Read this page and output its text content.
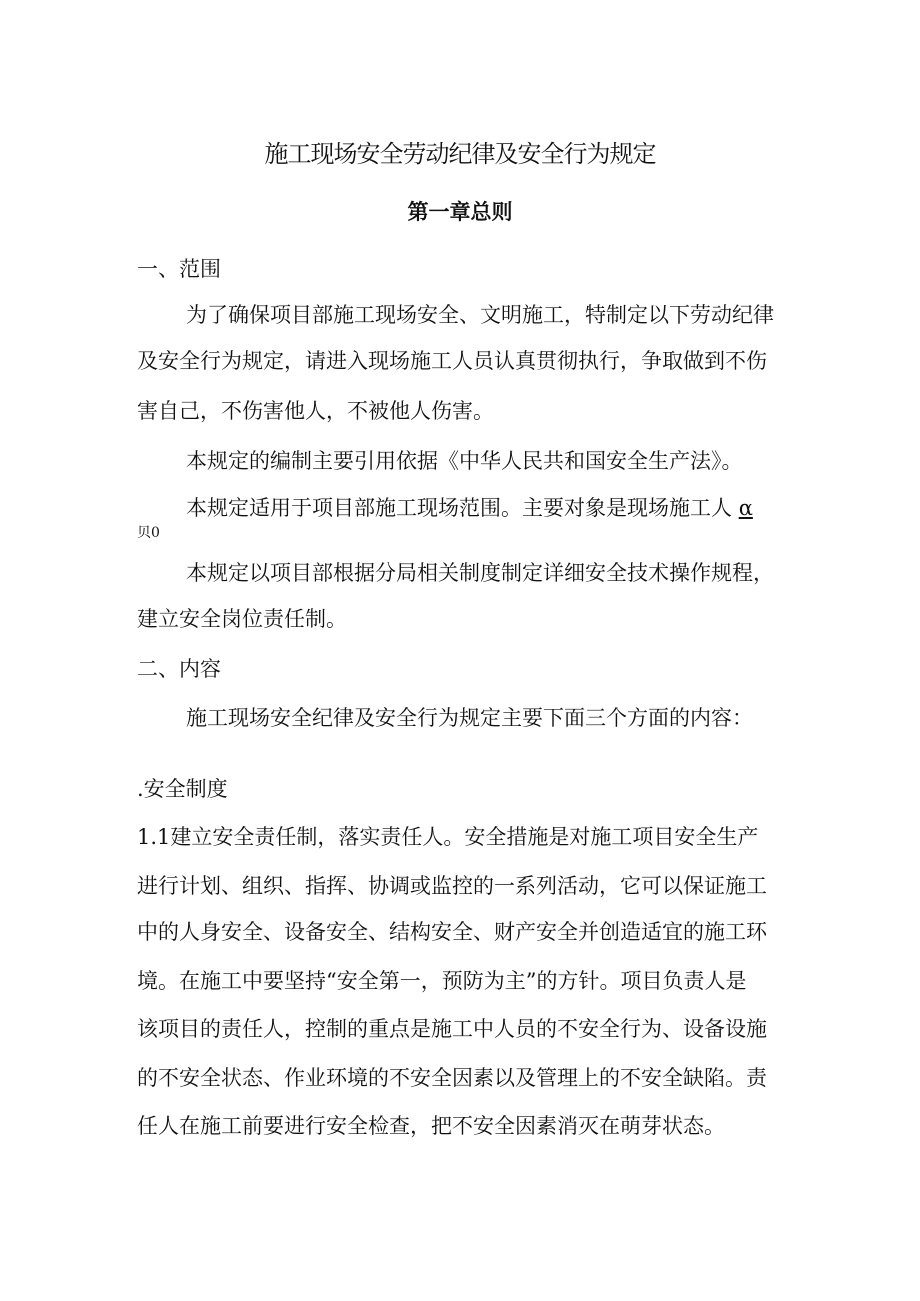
施工现场安全劳动纪律及安全行为规定
第一章总则

一、范围

为了确保项目部施工现场安全、文明施工，特制定以下劳动纪律

及安全行为规定，请进入现场施工人员认真贯彻执行，争取做到不伤

害自己，不伤害他人，不被他人伤害。

本规定的编制主要引用依据《中华人民共和国安全生产法》。

本规定适用于项目部施工现场范围。主要对象是现场施工人 α

贝0

本规定以项目部根据分局相关制度制定详细安全技术操作规程，

建立安全岗位责任制。

二、内容

施工现场安全纪律及安全行为规定主要下面三个方面的内容：

.安全制度

1.1建立安全责任制，落实责任人。安全措施是对施工项目安全生产

进行计划、组织、指挥、协调或监控的一系列活动，它可以保证施工

中的人身安全、设备安全、结构安全、财产安全并创造适宜的施工环

境。在施工中要坚持“安全第一，预防为主”的方针。项目负责人是

该项目的责任人，控制的重点是施工中人员的不安全行为、设备设施

的不安全状态、作业环境的不安全因素以及管理上的不安全缺陷。责

任人在施工前要进行安全检查，把不安全因素消灭在萌芽状态。
